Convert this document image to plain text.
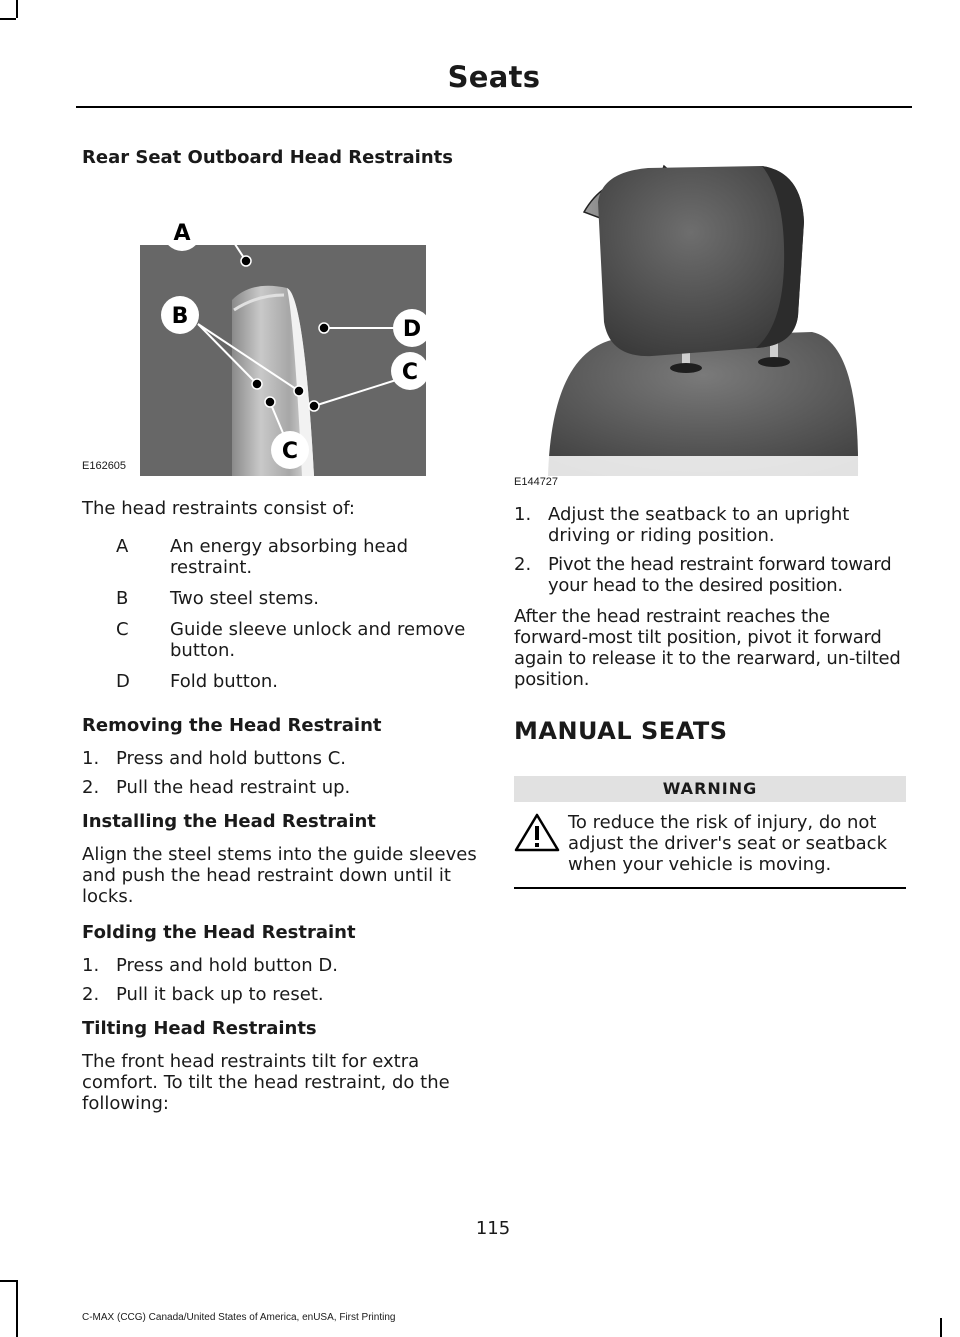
Seats
Rear Seat Outboard Head Restraints
A
B
C
C
D
E162605

The head restraints consist of:

A	An energy absorbing head restraint.
B	Two steel stems.
C	Guide sleeve unlock and remove button.
D	Fold button.
Removing the Head Restraint
1. Press and hold buttons C.
2. Pull the head restraint up.
Installing the Head Restraint

Align the steel stems into the guide sleeves and push the head restraint down until it locks.

Folding the Head Restraint
1. Press and hold button D.
2. Pull it back up to reset.
Tilting Head Restraints

The front head restraints tilt for extra comfort. To tilt the head restraint, do the following:

E144727
1. Adjust the seatback to an upright driving or riding position.
2. Pivot the head restraint forward toward your head to the desired position.

After the head restraint reaches the forward-most tilt position, pivot it forward again to release it to the rearward, un-tilted position.

MANUAL SEATS
WARNING
To reduce the risk of injury, do not adjust the driver's seat or seatback when your vehicle is moving.
115
C-MAX (CCG) Canada/United States of America, enUSA, First Printing
